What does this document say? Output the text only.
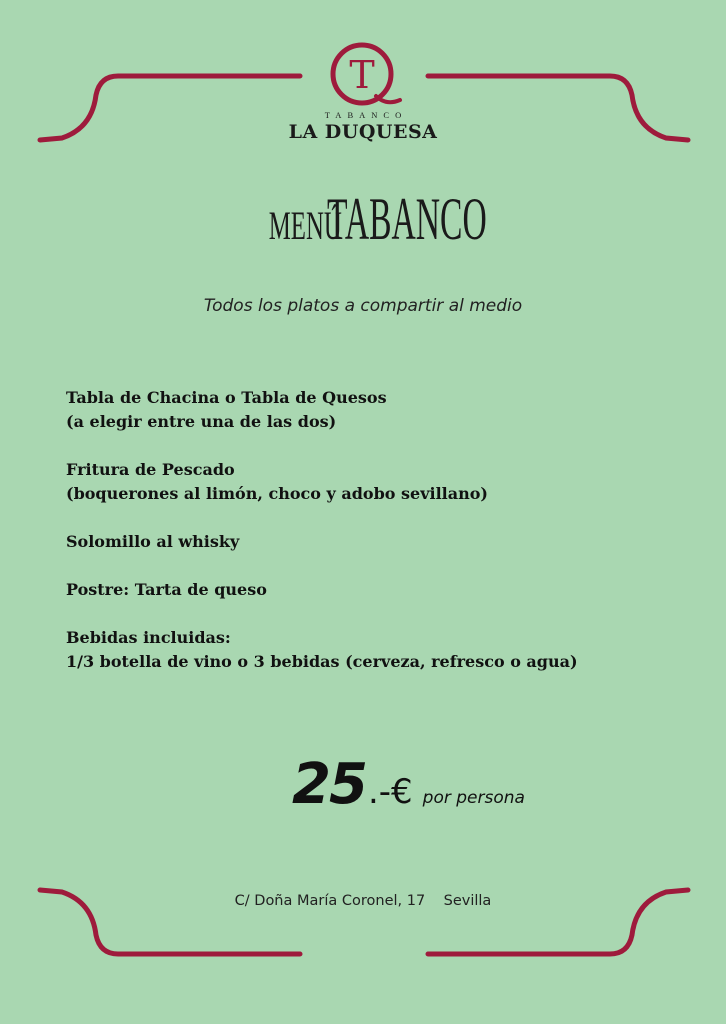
T
TABANCO
LA DUQUESA
MENÚTABANCO
Todos los platos a compartir al medio
Tabla de Chacina o Tabla de Quesos
(a elegir entre una de las dos)
Fritura de Pescado
(boquerones al limón, choco y adobo sevillano)
Solomillo al whisky
Postre: Tarta de queso
Bebidas incluidas:
1/3 botella de vino o 3 bebidas (cerveza, refresco o agua)
25.-€ por persona
C/ Doña María Coronel, 17 Sevilla
